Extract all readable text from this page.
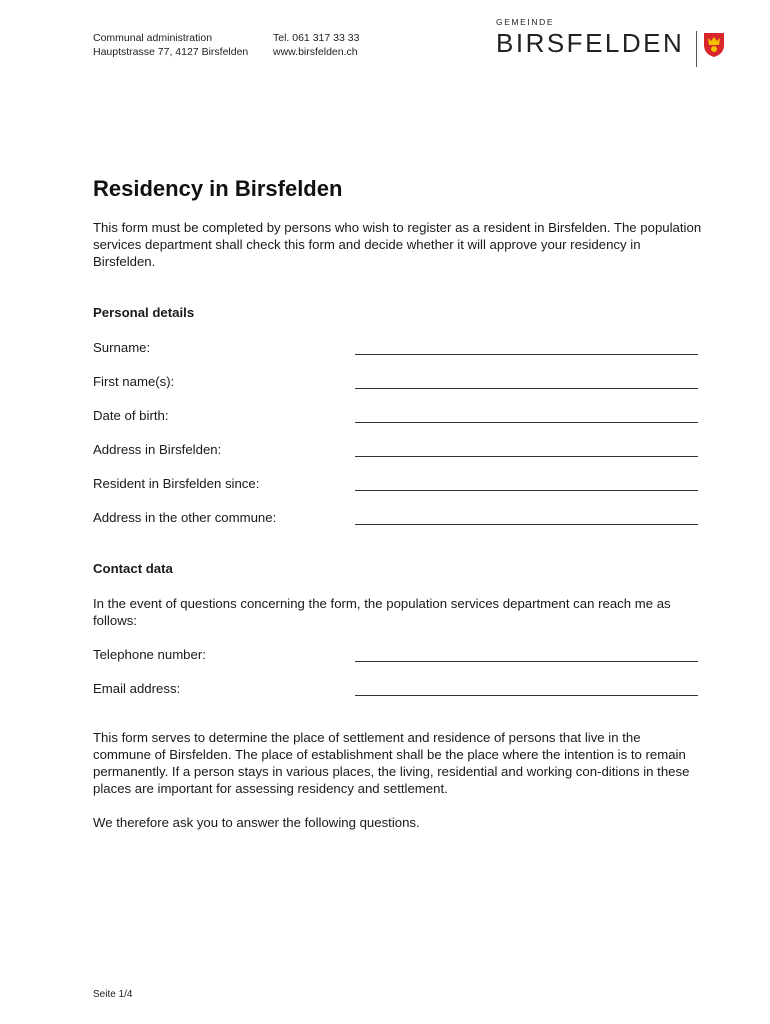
Communal administration
Hauptstrasse 77, 4127 Birsfelden
Tel. 061 317 33 33
www.birsfelden.ch
GEMEINDE
BIRSFELDEN
Residency in Birsfelden

This form must be completed by persons who wish to register as a resident in Birsfelden. The population services department shall check this form and decide whether it will approve your residency in Birsfelden.

Personal details
Surname:
First name(s):
Date of birth:
Address in Birsfelden:
Resident in Birsfelden since:
Address in the other commune:
Contact data

In the event of questions concerning the form, the population services department can reach me as follows:

Telephone number:
Email address:

This form serves to determine the place of settlement and residence of persons that live in the commune of Birsfelden. The place of establishment shall be the place where the intention is to remain permanently. If a person stays in various places, the living, residential and working con-ditions in these places are important for assessing residency and settlement.

We therefore ask you to answer the following questions.

Seite 1/4
